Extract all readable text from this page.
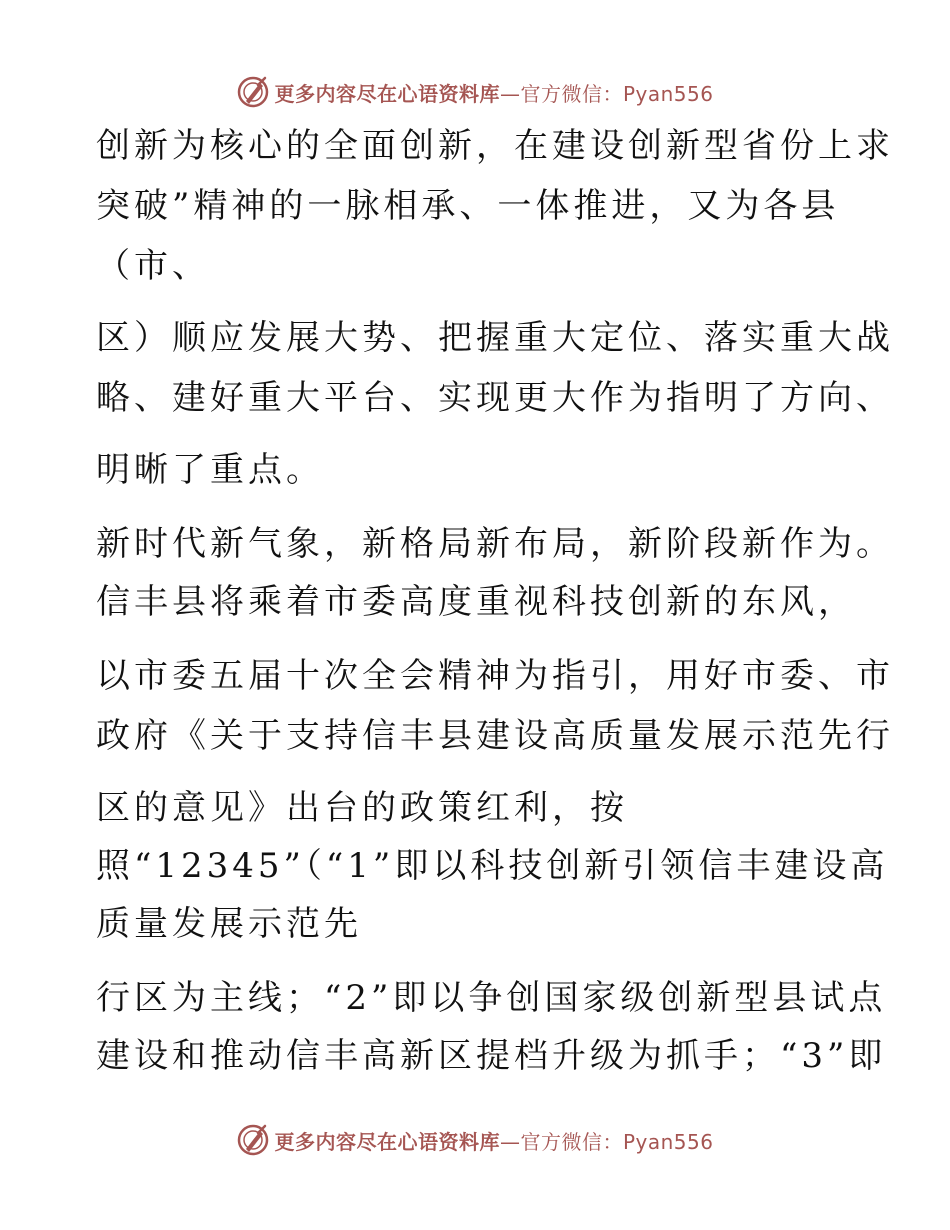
更多内容尽在心语资料库—官方微信：Pyan556
创新为核心的全面创新，在建设创新型省份上求
突破”精神的一脉相承、一体推进，又为各县
（市、
区）顺应发展大势、把握重大定位、落实重大战
略、建好重大平台、实现更大作为指明了方向、
明晰了重点。
新时代新气象，新格局新布局，新阶段新作为。
信丰县将乘着市委高度重视科技创新的东风，
以市委五届十次全会精神为指引，用好市委、市
政府《关于支持信丰县建设高质量发展示范先行
区的意见》出台的政策红利，按
照“12345”（“1”即以科技创新引领信丰建设高
质量发展示范先
行区为主线；“2”即以争创国家级创新型县试点
建设和推动信丰高新区提档升级为抓手；“3”即
更多内容尽在心语资料库—官方微信：Pyan556
